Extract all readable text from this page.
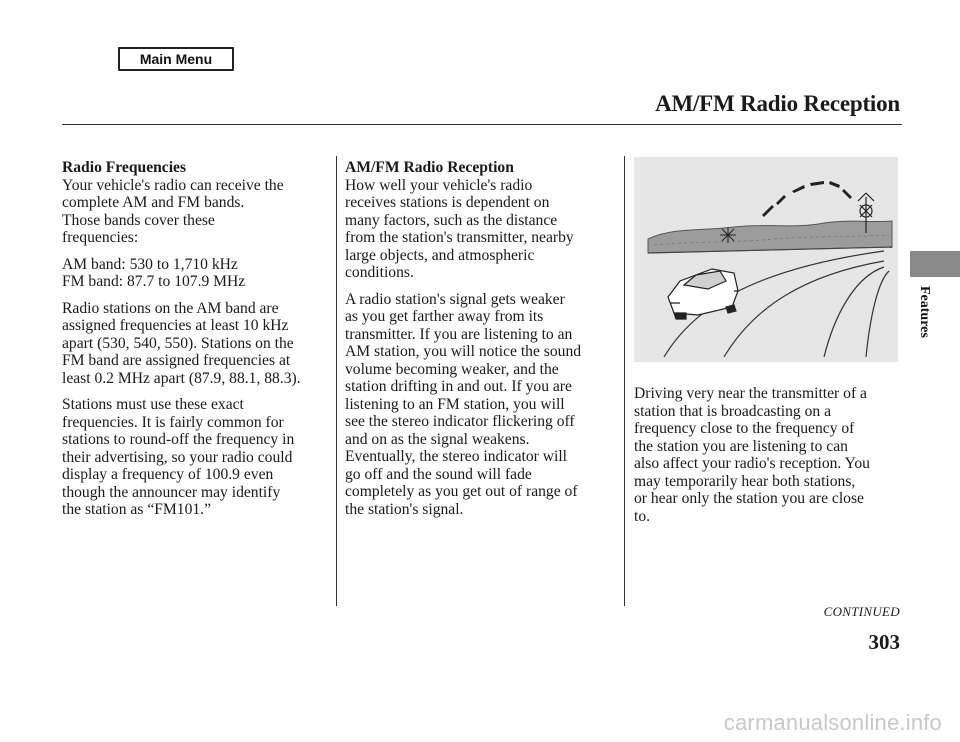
Main Menu
AM/FM Radio Reception
Radio Frequencies

Your vehicle's radio can receive the
complete AM and FM bands.
Those bands cover these
frequencies:

AM band: 530 to 1,710 kHz
FM band: 87.7 to 107.9 MHz

Radio stations on the AM band are
assigned frequencies at least 10 kHz
apart (530, 540, 550). Stations on the
FM band are assigned frequencies at
least 0.2 MHz apart (87.9, 88.1, 88.3).

Stations must use these exact
frequencies. It is fairly common for
stations to round-off the frequency in
their advertising, so your radio could
display a frequency of 100.9 even
though the announcer may identify
the station as “FM101.”

AM/FM Radio Reception

How well your vehicle's radio
receives stations is dependent on
many factors, such as the distance
from the station's transmitter, nearby
large objects, and atmospheric
conditions.

A radio station's signal gets weaker
as you get farther away from its
transmitter. If you are listening to an
AM station, you will notice the sound
volume becoming weaker, and the
station drifting in and out. If you are
listening to an FM station, you will
see the stereo indicator flickering off
and on as the signal weakens.
Eventually, the stereo indicator will
go off and the sound will fade
completely as you get out of range of
the station's signal.

Driving very near the transmitter of a
station that is broadcasting on a
frequency close to the frequency of
the station you are listening to can
also affect your radio's reception. You
may temporarily hear both stations,
or hear only the station you are close
to.

Features
CONTINUED
303
carmanualsonline.info
